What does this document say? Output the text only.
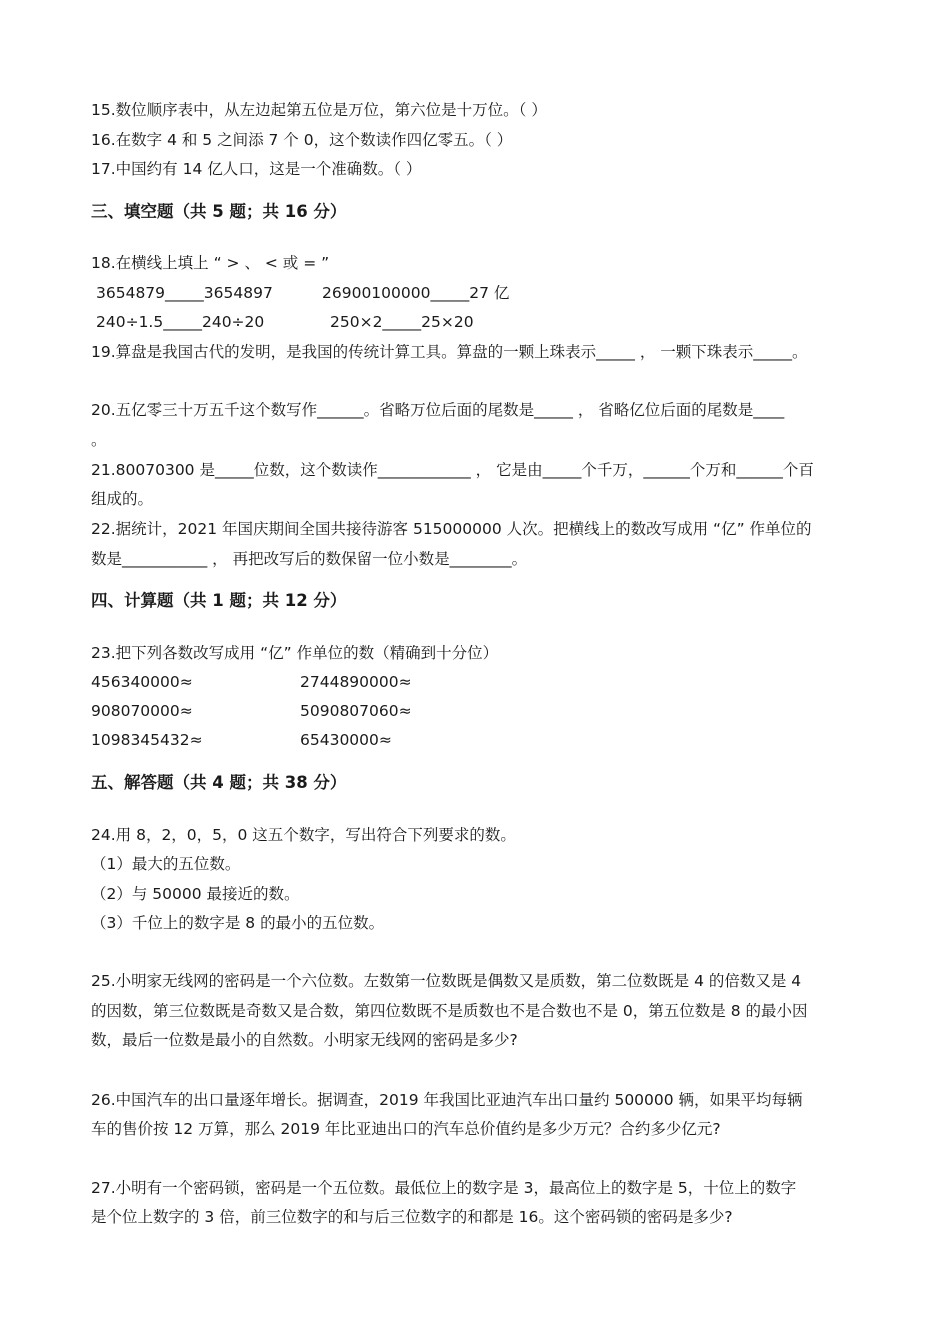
15.数位顺序表中，从左边起第五位是万位，第六位是十万位。（ ）
16.在数字 4 和 5 之间添 7 个 0，这个数读作四亿零五。（ ）
17.中国约有 14 亿人口，这是一个准确数。（ ）
三、填空题（共 5 题；共 16 分）
18.在横线上填上 “ > 、 < 或 = ”
3654879_____3654897	26900100000_____27 亿
240÷1.5_____240÷20	250×2_____25×20
19.算盘是我国古代的发明，是我国的传统计算工具。算盘的一颗上珠表示_____ ， 一颗下珠表示_____。
20.五亿零三十万五千这个数写作______。省略万位后面的尾数是_____ ， 省略亿位后面的尾数是____
。
21.80070300 是_____位数，这个数读作____________ ， 它是由_____个千万，______个万和______个百
组成的。
22.据统计，2021 年国庆期间全国共接待游客 515000000 人次。把横线上的数改写成用 “亿” 作单位的
数是___________ ， 再把改写后的数保留一位小数是________。
四、计算题（共 1 题；共 12 分）
23.把下列各数改写成用 “亿” 作单位的数（精确到十分位）
456340000≈	2744890000≈
908070000≈	5090807060≈
1098345432≈	65430000≈
五、解答题（共 4 题；共 38 分）
24.用 8，2，0，5，0 这五个数字，写出符合下列要求的数。
（1）最大的五位数。
（2）与 50000 最接近的数。
（3）千位上的数字是 8 的最小的五位数。
25.小明家无线网的密码是一个六位数。左数第一位数既是偶数又是质数，第二位数既是 4 的倍数又是 4
的因数，第三位数既是奇数又是合数，第四位数既不是质数也不是合数也不是 0，第五位数是 8 的最小因
数，最后一位数是最小的自然数。小明家无线网的密码是多少?
26.中国汽车的出口量逐年增长。据调查，2019 年我国比亚迪汽车出口量约 500000 辆，如果平均每辆
车的售价按 12 万算，那么 2019 年比亚迪出口的汽车总价值约是多少万元？合约多少亿元?
27.小明有一个密码锁，密码是一个五位数。最低位上的数字是 3，最高位上的数字是 5，十位上的数字
是个位上数字的 3 倍，前三位数字的和与后三位数字的和都是 16。这个密码锁的密码是多少?
